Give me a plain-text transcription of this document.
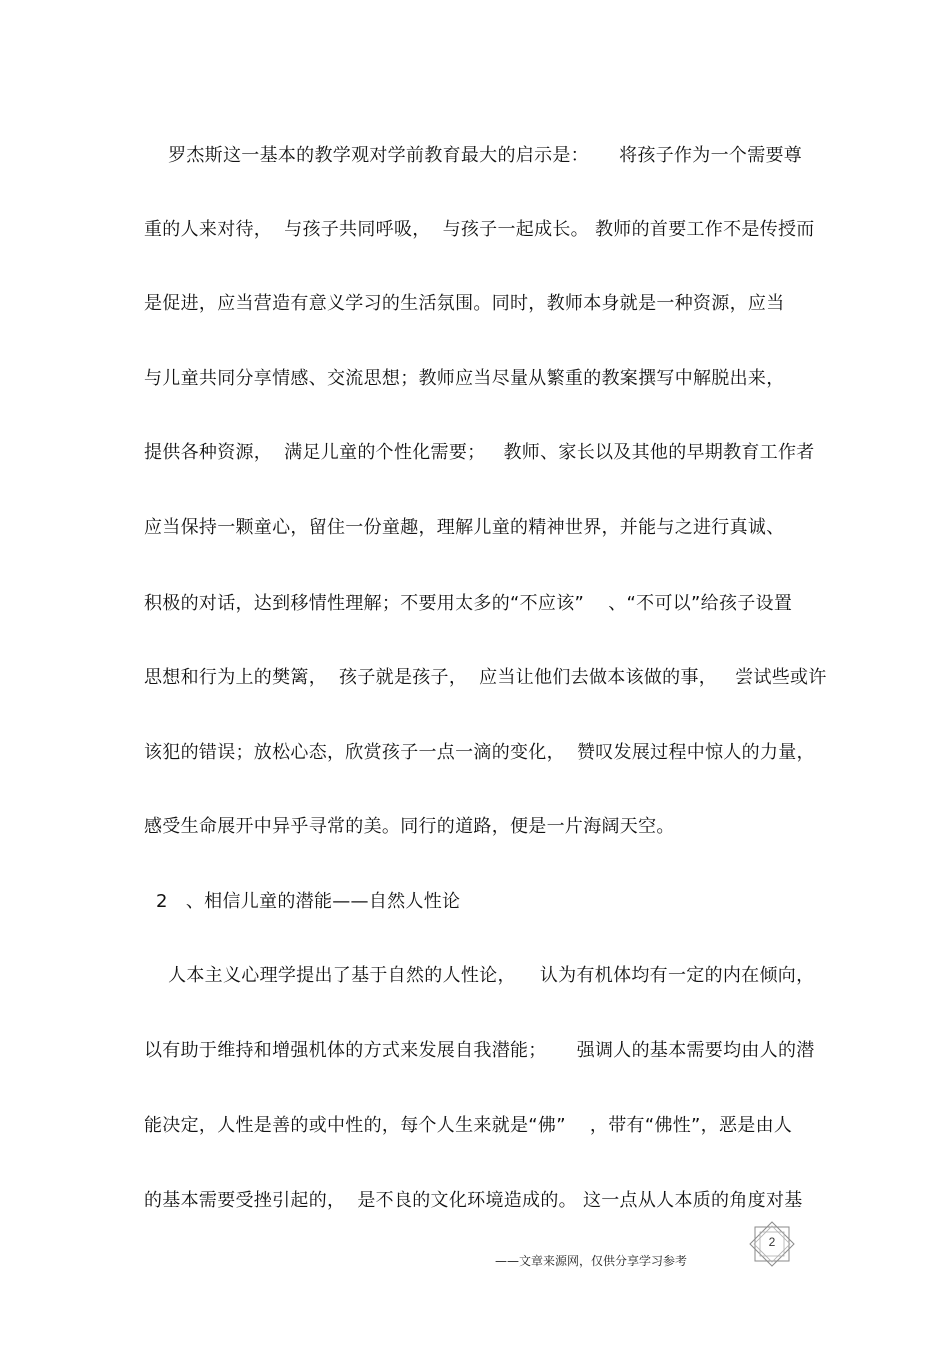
罗杰斯这一基本的教学观对学前教育最大的启示是：     将孩子作为一个需要尊
重的人来对待，  与孩子共同呼吸，  与孩子一起成长。 教师的首要工作不是传授而
是促进，应当营造有意义学习的生活氛围。同时，教师本身就是一种资源，应当
与儿童共同分享情感、交流思想；教师应当尽量从繁重的教案撰写中解脱出来，
提供各种资源，  满足儿童的个性化需要；   教师、家长以及其他的早期教育工作者
应当保持一颗童心，留住一份童趣，理解儿童的精神世界，并能与之进行真诚、
积极的对话，达到移情性理解；不要用太多的“不应该”    、“不可以”给孩子设置
思想和行为上的樊篱，  孩子就是孩子，  应当让他们去做本该做的事，   尝试些或许
该犯的错误；放松心态，欣赏孩子一点一滴的变化，  赞叹发展过程中惊人的力量，
感受生命展开中异乎寻常的美。同行的道路，便是一片海阔天空。
2   、相信儿童的潜能——自然人性论
人本主义心理学提出了基于自然的人性论，    认为有机体均有一定的内在倾向，
以有助于维持和增强机体的方式来发展自我潜能；     强调人的基本需要均由人的潜
能决定，人性是善的或中性的，每个人生来就是“佛”    ，带有“佛性”，恶是由人
的基本需要受挫引起的，  是不良的文化环境造成的。 这一点从人本质的角度对基
——文章来源网，仅供分享学习参考
2
